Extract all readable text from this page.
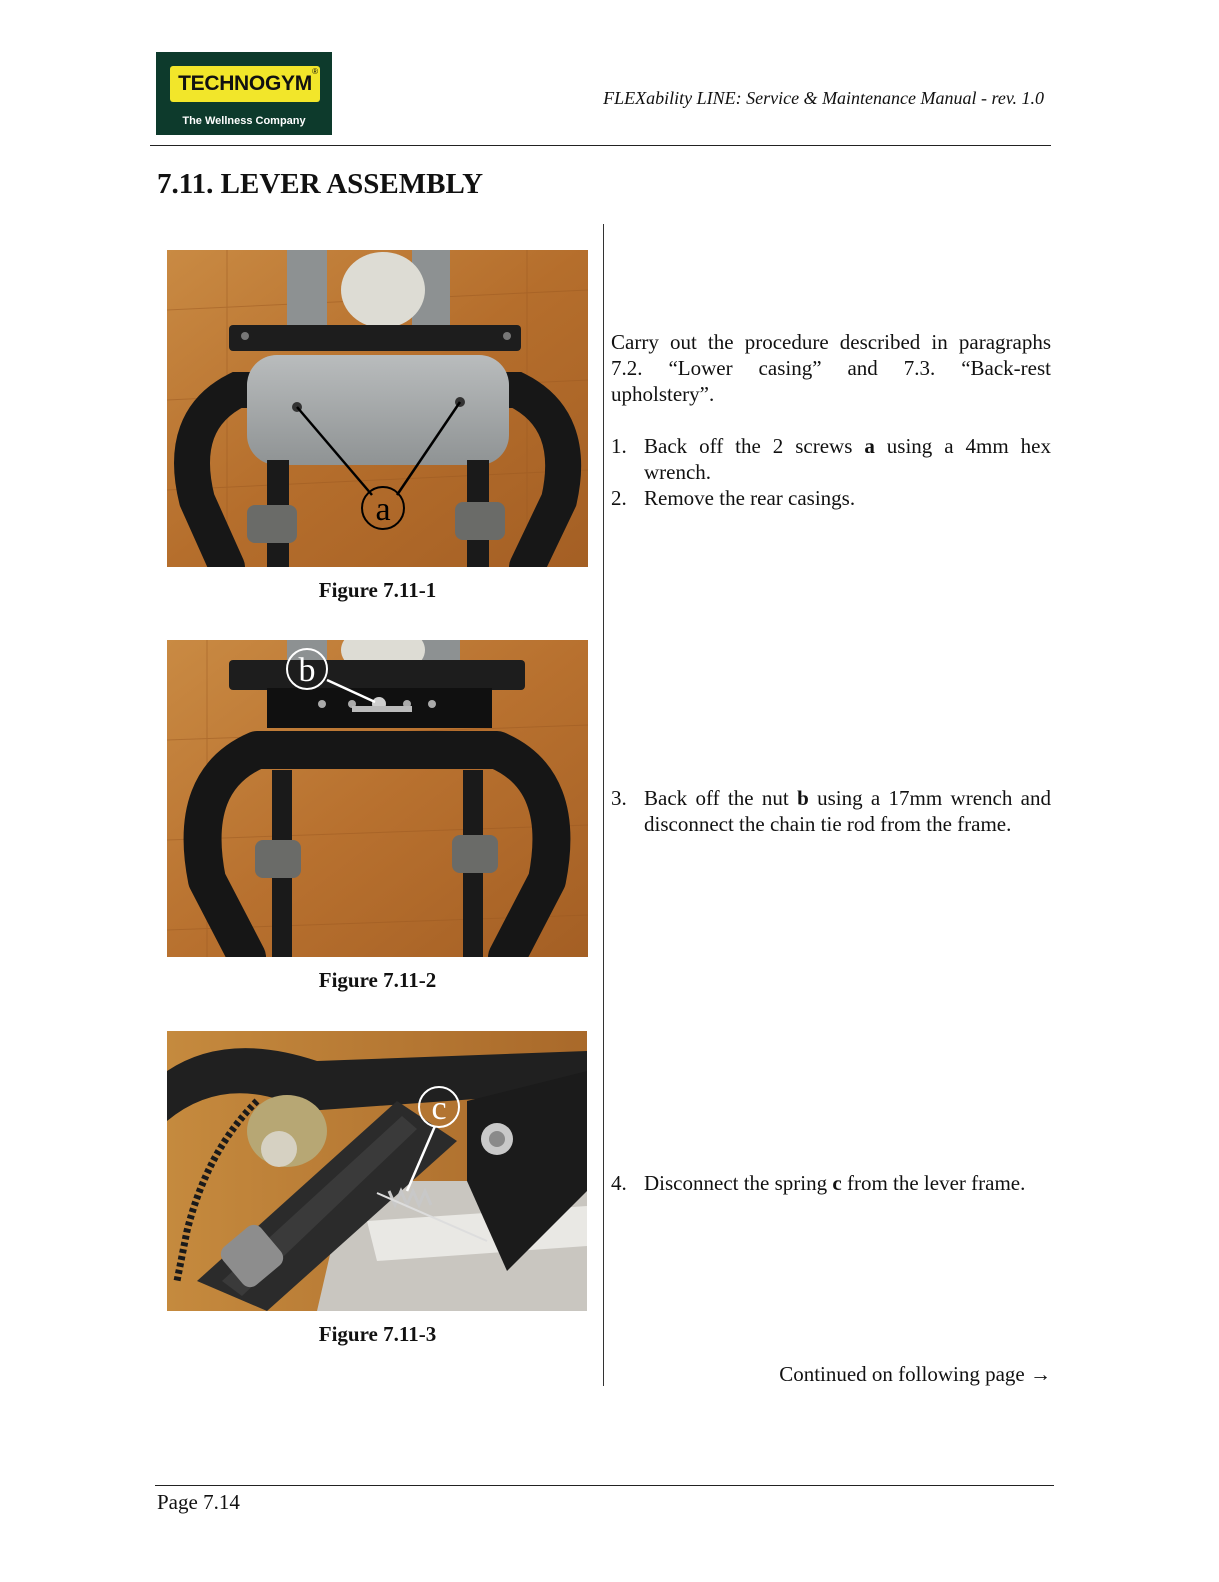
TECHNOGYM
®
The Wellness Company
FLEXability LINE: Service & Maintenance Manual - rev. 1.0
7.11. LEVER ASSEMBLY
a
Figure 7.11-1
b
Figure 7.11-2
c
Figure 7.11-3
Carry out the procedure described in paragraphs 7.2. “Lower casing” and 7.3. “Back-rest upholstery”.
1. Back off the 2 screws a using a 4mm hex wrench.
2. Remove the rear casings.
3. Back off the nut b using a 17mm wrench and disconnect the chain tie rod from the frame.
4. Disconnect the spring c from the lever frame.
Continued on following page →
Page 7.14
